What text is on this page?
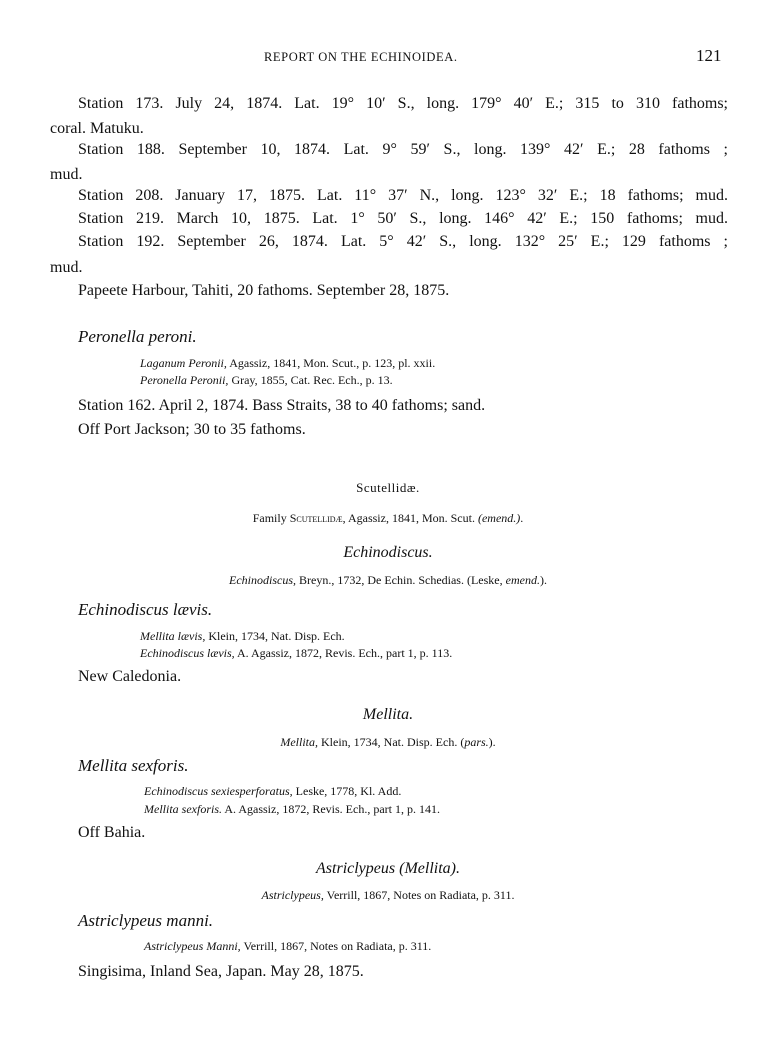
REPORT ON THE ECHINOIDEA.	121
Station 173. July 24, 1874. Lat. 19° 10′ S., long. 179° 40′ E.; 315 to 310 fathoms;
coral. Matuku.
Station 188. September 10, 1874. Lat. 9° 59′ S., long. 139° 42′ E.; 28 fathoms ;
mud.
Station 208. January 17, 1875. Lat. 11° 37′ N., long. 123° 32′ E.; 18 fathoms; mud.
Station 219. March 10, 1875. Lat. 1° 50′ S., long. 146° 42′ E.; 150 fathoms; mud.
Station 192. September 26, 1874. Lat. 5° 42′ S., long. 132° 25′ E.; 129 fathoms ;
mud.
Papeete Harbour, Tahiti, 20 fathoms. September 28, 1875.
Peronella peroni.
Laganum Peronii, Agassiz, 1841, Mon. Scut., p. 123, pl. xxii.
Peronella Peronii, Gray, 1855, Cat. Rec. Ech., p. 13.
Station 162. April 2, 1874. Bass Straits, 38 to 40 fathoms; sand.
Off Port Jackson; 30 to 35 fathoms.
Scutellidæ.
Family Scutellidæ, Agassiz, 1841, Mon. Scut. (emend.).
Echinodiscus.
Echinodiscus, Breyn., 1732, De Echin. Schedias. (Leske, emend.).
Echinodiscus lævis.
Mellita lævis, Klein, 1734, Nat. Disp. Ech.
Echinodiscus lævis, A. Agassiz, 1872, Revis. Ech., part 1, p. 113.
New Caledonia.
Mellita.
Mellita, Klein, 1734, Nat. Disp. Ech. (pars.).
Mellita sexforis.
Echinodiscus sexiesperforatus, Leske, 1778, Kl. Add.
Mellita sexforis. A. Agassiz, 1872, Revis. Ech., part 1, p. 141.
Off Bahia.
Astriclypeus (Mellita).
Astriclypeus, Verrill, 1867, Notes on Radiata, p. 311.
Astriclypeus manni.
Astriclypeus Manni, Verrill, 1867, Notes on Radiata, p. 311.
Singisima, Inland Sea, Japan. May 28, 1875.
